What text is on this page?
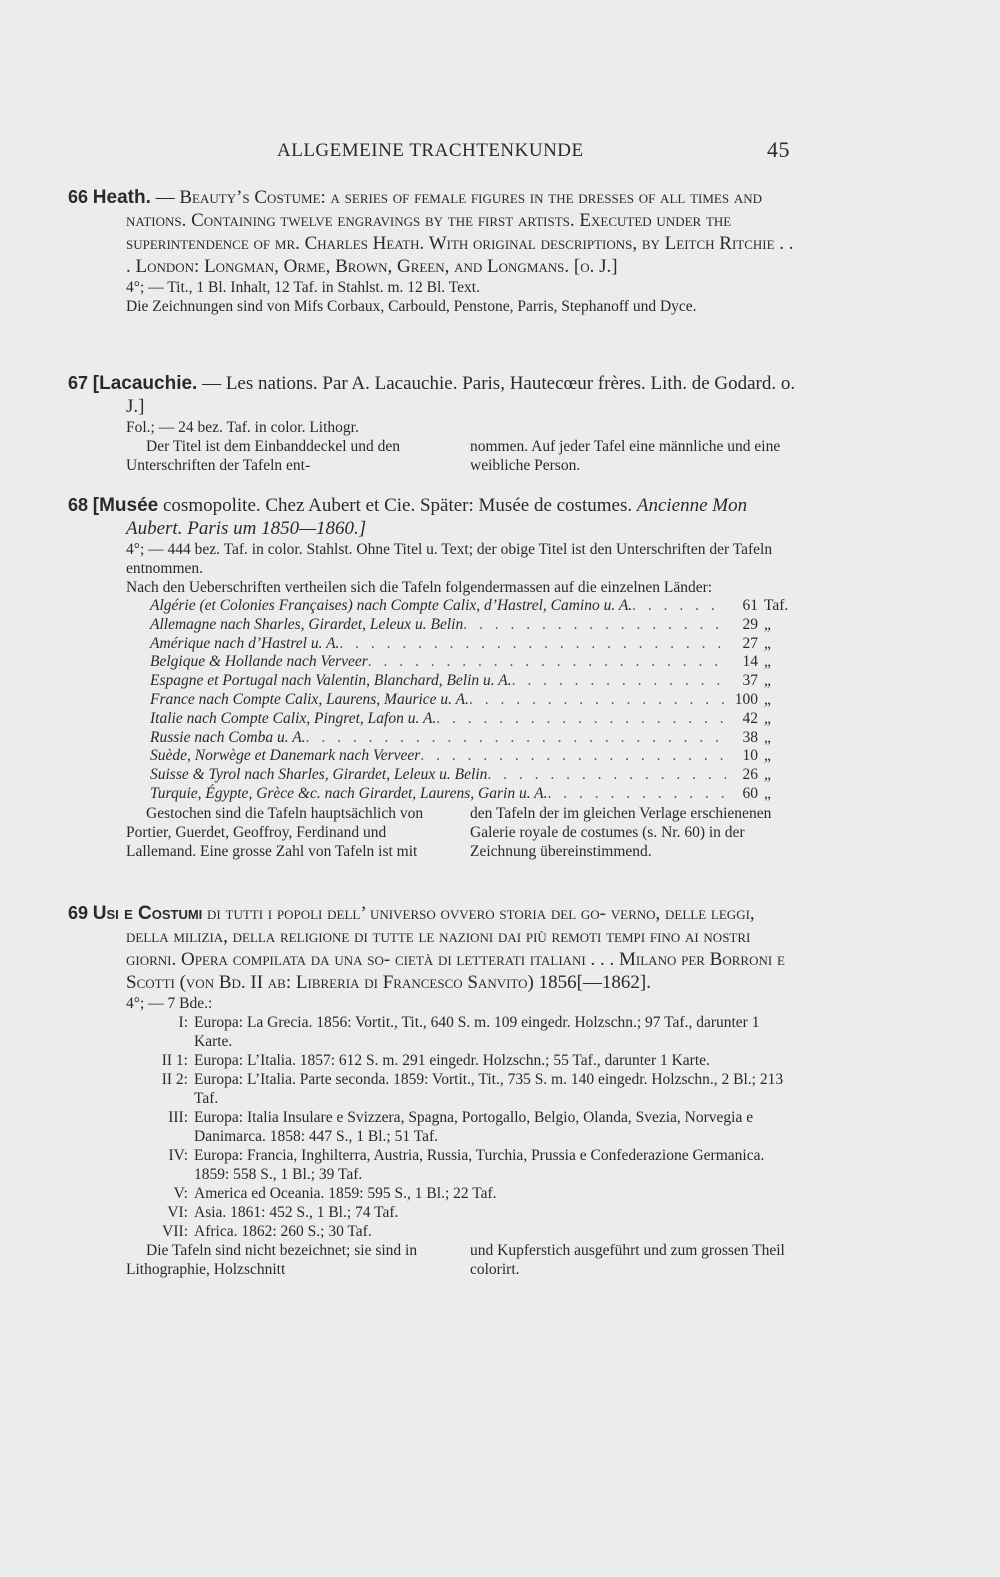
ALLGEMEINE TRACHTENKUNDE	45
66 Heath. — Beauty’s Costume: a series of female figures in the dresses of all times and nations. Containing twelve engravings by the first artists. Executed under the superintendence of mr. Charles Heath. With original descriptions, by Leitch Ritchie . . . London: Longman, Orme, Brown, Green, and Longmans. [o. J.]
4°; — Tit., 1 Bl. Inhalt, 12 Taf. in Stahlst. m. 12 Bl. Text.
Die Zeichnungen sind von Mifs Corbaux, Carbould, Penstone, Parris, Stephanoff und Dyce.
67 [Lacauchie. — Les nations. Par A. Lacauchie. Paris, Hautecœur frères. Lith. de Godard. o. J.]
Fol.; — 24 bez. Taf. in color. Lithogr.
Der Titel ist dem Einbanddeckel und den Unterschriften der Tafeln ent-
nommen. Auf jeder Tafel eine männliche und eine weibliche Person.
68 [Musée cosmopolite. Chez Aubert et Cie. Später: Musée de costumes. Ancienne Mon Aubert. Paris um 1850—1860.]
4°; — 444 bez. Taf. in color. Stahlst. Ohne Titel u. Text; der obige Titel ist den Unterschriften der Tafeln entnommen.
Nach den Ueberschriften vertheilen sich die Tafeln folgendermassen auf die einzelnen Länder:
Algérie (et Colonies Françaises) nach Compte Calix, d’Hastrel, Camino u. A. . . .	61 Taf.
Allemagne nach Sharles, Girardet, Leleux u. Belin . . .	29 „
Amérique nach d’Hastrel u. A. . . .	27 „
Belgique & Hollande nach Verveer . . .	14 „
Espagne et Portugal nach Valentin, Blanchard, Belin u. A. . . .	37 „
France nach Compte Calix, Laurens, Maurice u. A. . . .	100 „
Italie nach Compte Calix, Pingret, Lafon u. A. . . .	42 „
Russie nach Comba u. A. . . .	38 „
Suède, Norwège et Danemark nach Verveer . . .	10 „
Suisse & Tyrol nach Sharles, Girardet, Leleux u. Belin . . .	26 „
Turquie, Égypte, Grèce &c. nach Girardet, Laurens, Garin u. A. . . .	60 „
Gestochen sind die Tafeln hauptsächlich von Portier, Guerdet, Geoffroy, Ferdinand und Lallemand. Eine grosse Zahl von Tafeln ist mit
den Tafeln der im gleichen Verlage erschienenen Galerie royale de costumes (s. Nr. 60) in der Zeichnung übereinstimmend.
69 Usi e Costumi di tutti i popoli dell’ universo ovvero storia del go- verno, delle leggi, della milizia, della religione di tutte le nazioni dai più remoti tempi fino ai nostri giorni. Opera compilata da una so- cietà di letterati italiani . . . Milano per Borroni e Scotti (von Bd. II ab: Libreria di Francesco Sanvito) 1856[—1862].
4°; — 7 Bde.:
I: Europa: La Grecia. 1856: Vortit., Tit., 640 S. m. 109 eingedr. Holzschn.; 97 Taf., darunter 1 Karte.
II 1: Europa: L’Italia. 1857: 612 S. m. 291 eingedr. Holzschn.; 55 Taf., darunter 1 Karte.
II 2: Europa: L’Italia. Parte seconda. 1859: Vortit., Tit., 735 S. m. 140 eingedr. Holzschn., 2 Bl.; 213 Taf.
III: Europa: Italia Insulare e Svizzera, Spagna, Portogallo, Belgio, Olanda, Svezia, Norvegia e Danimarca. 1858: 447 S., 1 Bl.; 51 Taf.
IV: Europa: Francia, Inghilterra, Austria, Russia, Turchia, Prussia e Confederazione Germanica. 1859: 558 S., 1 Bl.; 39 Taf.
V: America ed Oceania. 1859: 595 S., 1 Bl.; 22 Taf.
VI: Asia. 1861: 452 S., 1 Bl.; 74 Taf.
VII: Africa. 1862: 260 S.; 30 Taf.
Die Tafeln sind nicht bezeichnet; sie sind in Lithographie, Holzschnitt
und Kupferstich ausgeführt und zum grossen Theil colorirt.
